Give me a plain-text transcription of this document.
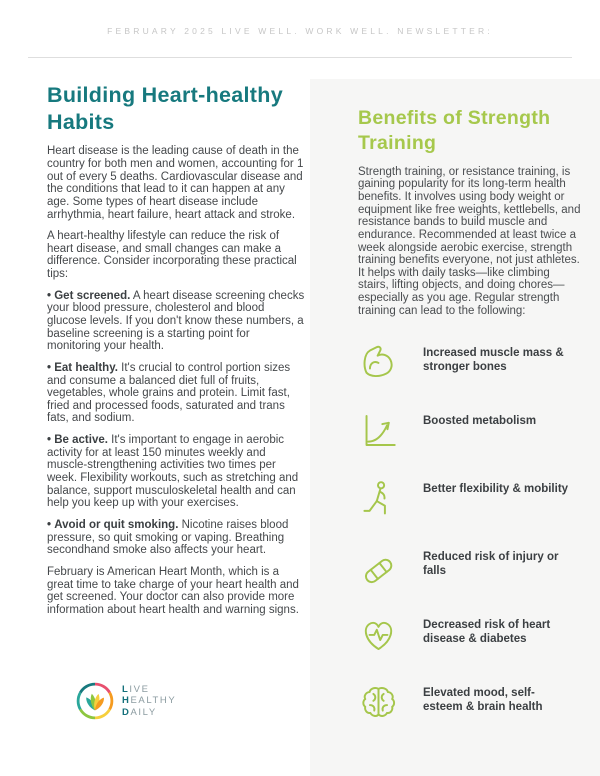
FEBRUARY 2025 LIVE WELL. WORK WELL. NEWSLETTER:
Building Heart-healthy Habits

Heart disease is the leading cause of death in the country for both men and women, accounting for 1 out of every 5 deaths. Cardiovascular disease and the conditions that lead to it can happen at any age. Some types of heart disease include arrhythmia, heart failure, heart attack and stroke.

A heart-healthy lifestyle can reduce the risk of heart disease, and small changes can make a difference. Consider incorporating these practical tips:

• Get screened. A heart disease screening checks your blood pressure, cholesterol and blood glucose levels. If you don't know these numbers, a baseline screening is a starting point for monitoring your health.

• Eat healthy. It's crucial to control portion sizes and consume a balanced diet full of fruits, vegetables, whole grains and protein. Limit fast, fried and processed foods, saturated and trans fats, and sodium.

• Be active. It's important to engage in aerobic activity for at least 150 minutes weekly and muscle-strengthening activities two times per week. Flexibility workouts, such as stretching and balance, support musculoskeletal health and can help you keep up with your exercises.

• Avoid or quit smoking. Nicotine raises blood pressure, so quit smoking or vaping. Breathing secondhand smoke also affects your heart.

February is American Heart Month, which is a great time to take charge of your heart health and get screened. Your doctor can also provide more information about heart health and warning signs.

LIVE
HEALTHY
DAILY
Benefits of Strength Training

Strength training, or resistance training, is gaining popularity for its long-term health benefits. It involves using body weight or equipment like free weights, kettlebells, and resistance bands to build muscle and endurance. Recommended at least twice a week alongside aerobic exercise, strength training benefits everyone, not just athletes. It helps with daily tasks—like climbing stairs, lifting objects, and doing chores—especially as you age. Regular strength training can lead to the following:

Increased muscle mass & stronger bones
Boosted metabolism
Better flexibility & mobility
Reduced risk of injury or falls
Decreased risk of heart disease & diabetes
Elevated mood, self-esteem & brain health
